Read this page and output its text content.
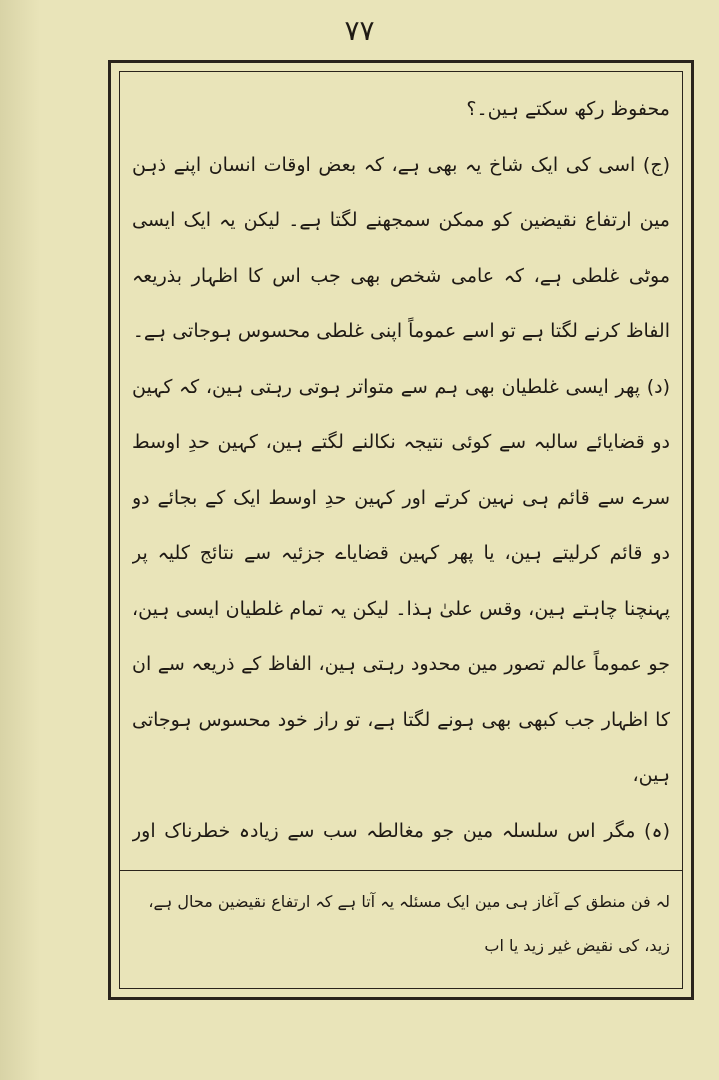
۷۷

محفوظ رکھ سکتے ہین۔؟

(ج) اسی کی ایک شاخ یہ بھی ہے، کہ بعض اوقات انسان اپنے ذہن مین ارتفاع نقیضین کو ممکن سمجھنے لگتا ہے۔ لیکن یہ ایک ایسی موٹی غلطی ہے، کہ عامی شخص بھی جب اس کا اظہار بذریعہ الفاظ کرنے لگتا ہے تو اسے عموماً اپنی غلطی محسوس ہوجاتی ہے۔

(د) پھر ایسی غلطیان بھی ہم سے متواتر ہوتی رہتی ہین، کہ کہین دو قضایائے سالبہ سے کوئی نتیجہ نکالنے لگتے ہین، کہین حدِ اوسط سرے سے قائم ہی نہین کرتے اور کہین حدِ اوسط ایک کے بجائے دو دو قائم کرلیتے ہین، یا پھر کہین قضایاے جزئیہ سے نتائج کلیہ پر پہنچنا چاہتے ہین، وقس علیٰ ہذا۔ لیکن یہ تمام غلطیان ایسی ہین، جو عموماً عالم تصور مین محدود رہتی ہین، الفاظ کے ذریعہ سے ان کا اظہار جب کبھی بھی ہونے لگتا ہے، تو راز خود محسوس ہوجاتی ہین،

(ہ) مگر اس سلسلہ مین جو مغالطہ سب سے زیادہ خطرناک اور

لہ فن منطق کے آغاز ہی مین ایک مسئلہ یہ آتا ہے کہ ارتفاع نقیضین محال ہے، زید، کی نقیض غیر زید یا اب
